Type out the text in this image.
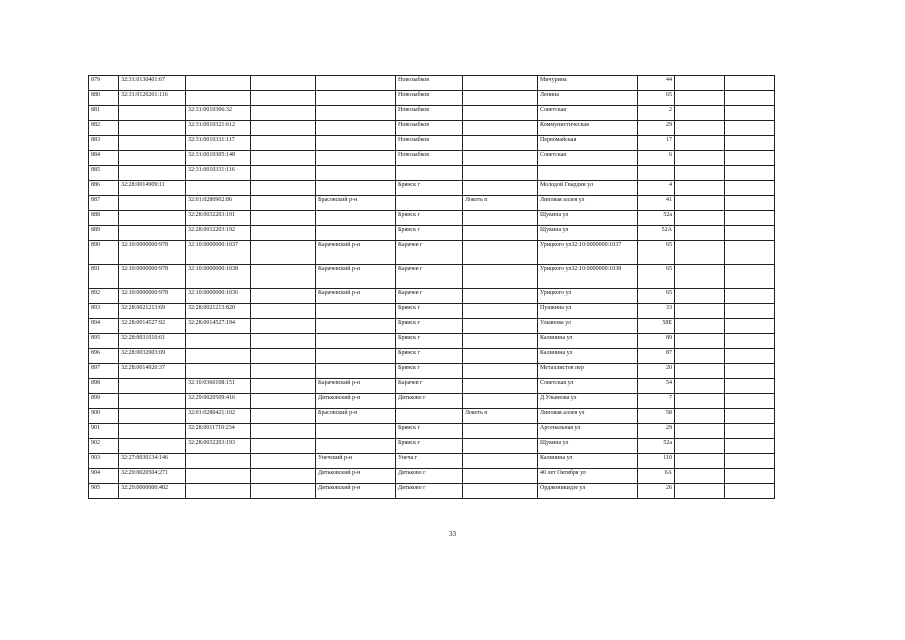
879	32:31:0130401:67				Новозыбков		Мичурина	44		
880	32:31:0120201:116				Новозыбков		Ленина	65		
881		32:31:0010306:32			Новозыбков		Советская	2		
882		32:31:0010321:612			Новозыбков		Коммунистическая	29		
883		32:31:0010331:117			Новозыбков		Первомайская	17		
884		32:31:0010305:148			Новозыбков		Советская	6		
885		32:31:0010331:116								
886	32:28:0014909:11				Брянск г		Молодой Гвардии ул	4		
887		32:01:0280902:86		Брасовский р-н		Локоть п	Липовая аллея ул	41		
888		32:28:0032203:191			Брянск г		Щукина ул	52а		
889		32:28:0032203:192			Брянск г		Щукина ул	52А		
890	32:10:0000000:978	32:10:0000000:1037		Карачевский р-н	Карачев г		Урицкого ул32:10:0000000:1037	65		
891	32:10:0000000:978	32:10:0000000:1038		Карачевский р-н	Карачев г		Урицкого ул32:10:0000000:1038	65		
892	32:10:0000000:978	32:10:0000000:1036		Карачевский р-н	Карачев г		Урицкого ул	65		
893	32:28:0021213:69	32:28:0021213:820			Брянск г		Пушкина ул	33		
894	32:28:0014527:92	32:28:0014527:194			Брянск г		Ульянова ул	58Е		
895	32:28:0031910:61				Брянск г		Калинина ул	89		
896	32:28:0032003:09				Брянск г		Калинина ул	87		
897	32:28:0014920:37				Брянск г		Металлистов пер	20		
898		32:10:0360108:151		Карачевский р-н	Карачев г		Советская ул	54		
899		32:29:0020509:416		Дятьковский р-н	Дятьково г		Д.Ульянова ул	7		
900		32:01:0280421:102		Брасовский р-н		Локоть п	Липовая аллея ул	58		
901		32:28:0011710:234			Брянск г		Арсенальная ул	29		
902		32:28:0032203:193			Брянск г		Щукина ул	52а		
903	32:27:0030134:146			Унечский р-н	Унеча г		Калинина ул	110		
904	32:29:0020504:271			Дятьковский р-н	Дятьково г		40 лет Октября ул	6А		
905	32:29:0000000:482			Дятьковский р-н	Дятьково г		Орджоникидзе ул	26		
33
